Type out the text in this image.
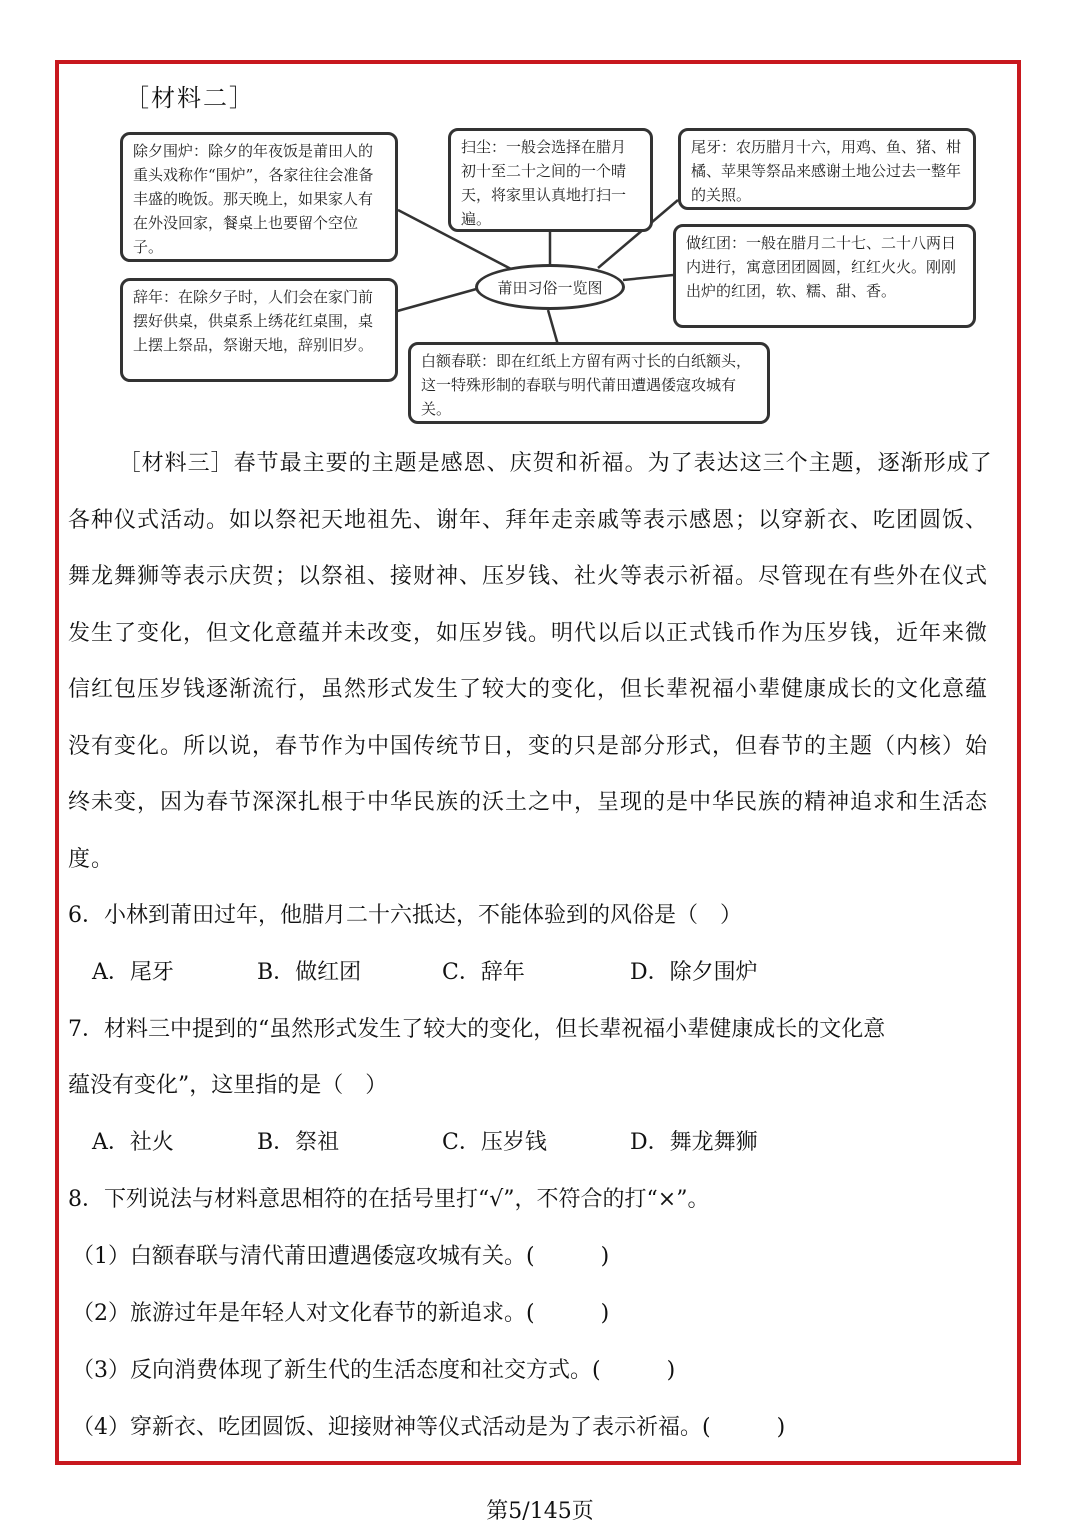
［材料二］
除夕围炉：除夕的年夜饭是莆田人的重头戏称作“围炉”，各家往往会准备丰盛的晚饭。那天晚上，如果家人有在外没回家，餐桌上也要留个空位子。
扫尘：一般会选择在腊月初十至二十之间的一个晴天，将家里认真地打扫一遍。
尾牙：农历腊月十六，用鸡、鱼、猪、柑橘、苹果等祭品来感谢土地公过去一整年的关照。
辞年：在除夕子时，人们会在家门前摆好供桌，供桌系上绣花红桌围，桌上摆上祭品，祭谢天地，辞别旧岁。
做红团：一般在腊月二十七、二十八两日内进行，寓意团团圆圆，红红火火。刚刚出炉的红团，软、糯、甜、香。
白额春联：即在红纸上方留有两寸长的白纸额头，这一特殊形制的春联与明代莆田遭遇倭寇攻城有关。
莆田习俗一览图
［材料三］春节最主要的主题是感恩、庆贺和祈福。为了表达这三个主题，逐渐形成了各种仪式活动。如以祭祀天地祖先、谢年、拜年走亲戚等表示感恩；以穿新衣、吃团圆饭、舞龙舞狮等表示庆贺；以祭祖、接财神、压岁钱、社火等表示祈福。尽管现在有些外在仪式发生了变化，但文化意蕴并未改变，如压岁钱。明代以后以正式钱币作为压岁钱，近年来微信红包压岁钱逐渐流行，虽然形式发生了较大的变化，但长辈祝福小辈健康成长的文化意蕴没有变化。所以说，春节作为中国传统节日，变的只是部分形式，但春节的主题（内核）始终未变，因为春节深深扎根于中华民族的沃土之中，呈现的是中华民族的精神追求和生活态度。
6．小林到莆田过年，他腊月二十六抵达，不能体验到的风俗是（　）
A．尾牙	B．做红团	C．辞年	D．除夕围炉
7．材料三中提到的“虽然形式发生了较大的变化，但长辈祝福小辈健康成长的文化意
蕴没有变化”，这里指的是（　）
A．社火	B．祭祖	C．压岁钱	D．舞龙舞狮
8．下列说法与材料意思相符的在括号里打“√”，不符合的打“×”。
（1）白额春联与清代莆田遭遇倭寇攻城有关。(　　　)
（2）旅游过年是年轻人对文化春节的新追求。(　　　)
（3）反向消费体现了新生代的生活态度和社交方式。(　　　)
（4）穿新衣、吃团圆饭、迎接财神等仪式活动是为了表示祈福。(　　　)
第5/145页
